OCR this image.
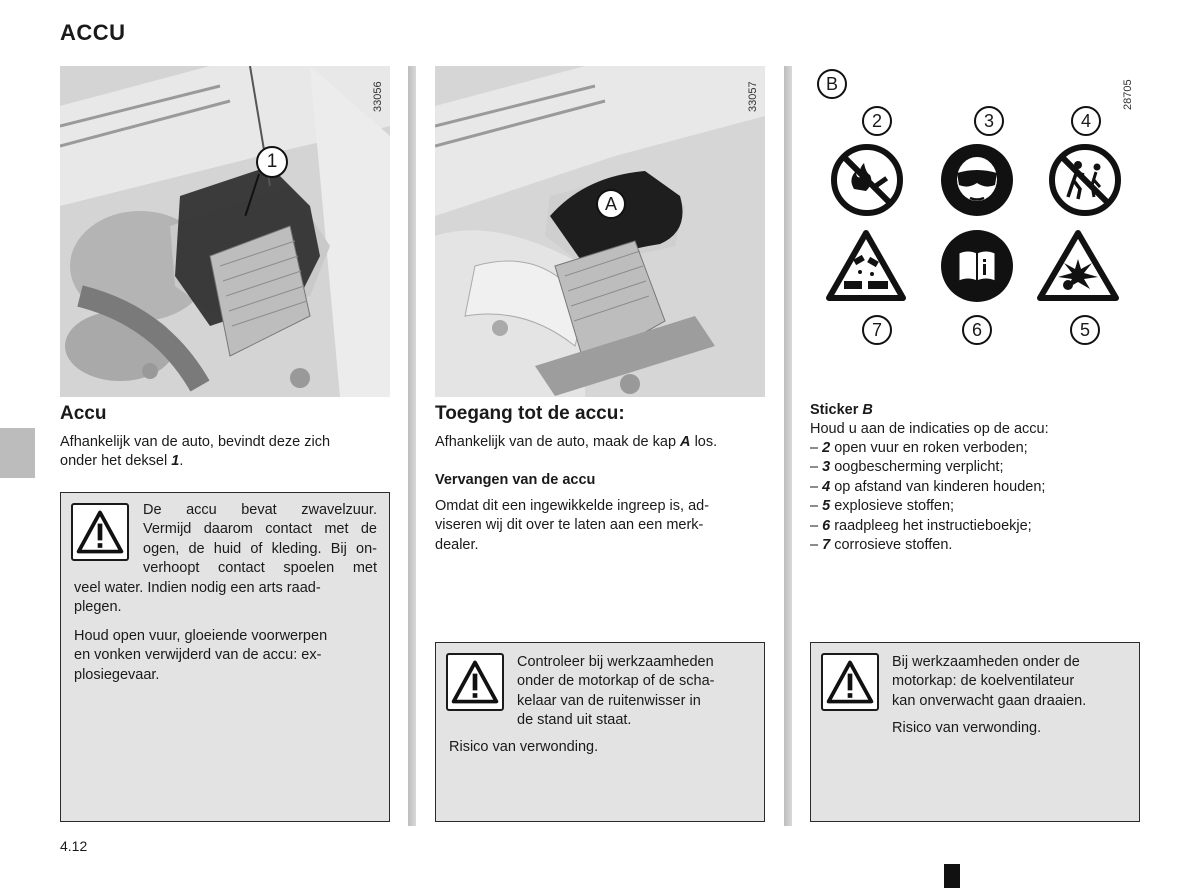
ACCU
33056
1
Accu
Afhankelijk van de auto, bevindt deze zich
onder het deksel 1.
De accu bevat zwavelzuur.
Vermijd daarom contact met de
ogen, de huid of kleding. Bij on-
verhoopt contact spoelen met
veel water. Indien nodig een arts raad-
plegen.
Houd open vuur, gloeiende voorwerpen
en vonken verwijderd van de accu: ex-
plosiegevaar.
33057
A
Toegang tot de accu:
Afhankelijk van de auto, maak de kap A los.
Vervangen van de accu
Omdat dit een ingewikkelde ingreep is, ad-
viseren wij dit over te laten aan een merk-
dealer.
Controleer bij werkzaamheden
onder de motorkap of de scha-
kelaar van de ruitenwisser in
de stand uit staat.
Risico van verwonding.
B	28705
2	3	4
7	6	5
Sticker B
Houd u aan de indicaties op de accu:
– 2 open vuur en roken verboden;
– 3 oogbescherming verplicht;
– 4 op afstand van kinderen houden;
– 5 explosieve stoffen;
– 6 raadpleeg het instructieboekje;
– 7 corrosieve stoffen.
Bij werkzaamheden onder de
motorkap: de koelventilateur
kan onverwacht gaan draaien.
Risico van verwonding.
4.12
